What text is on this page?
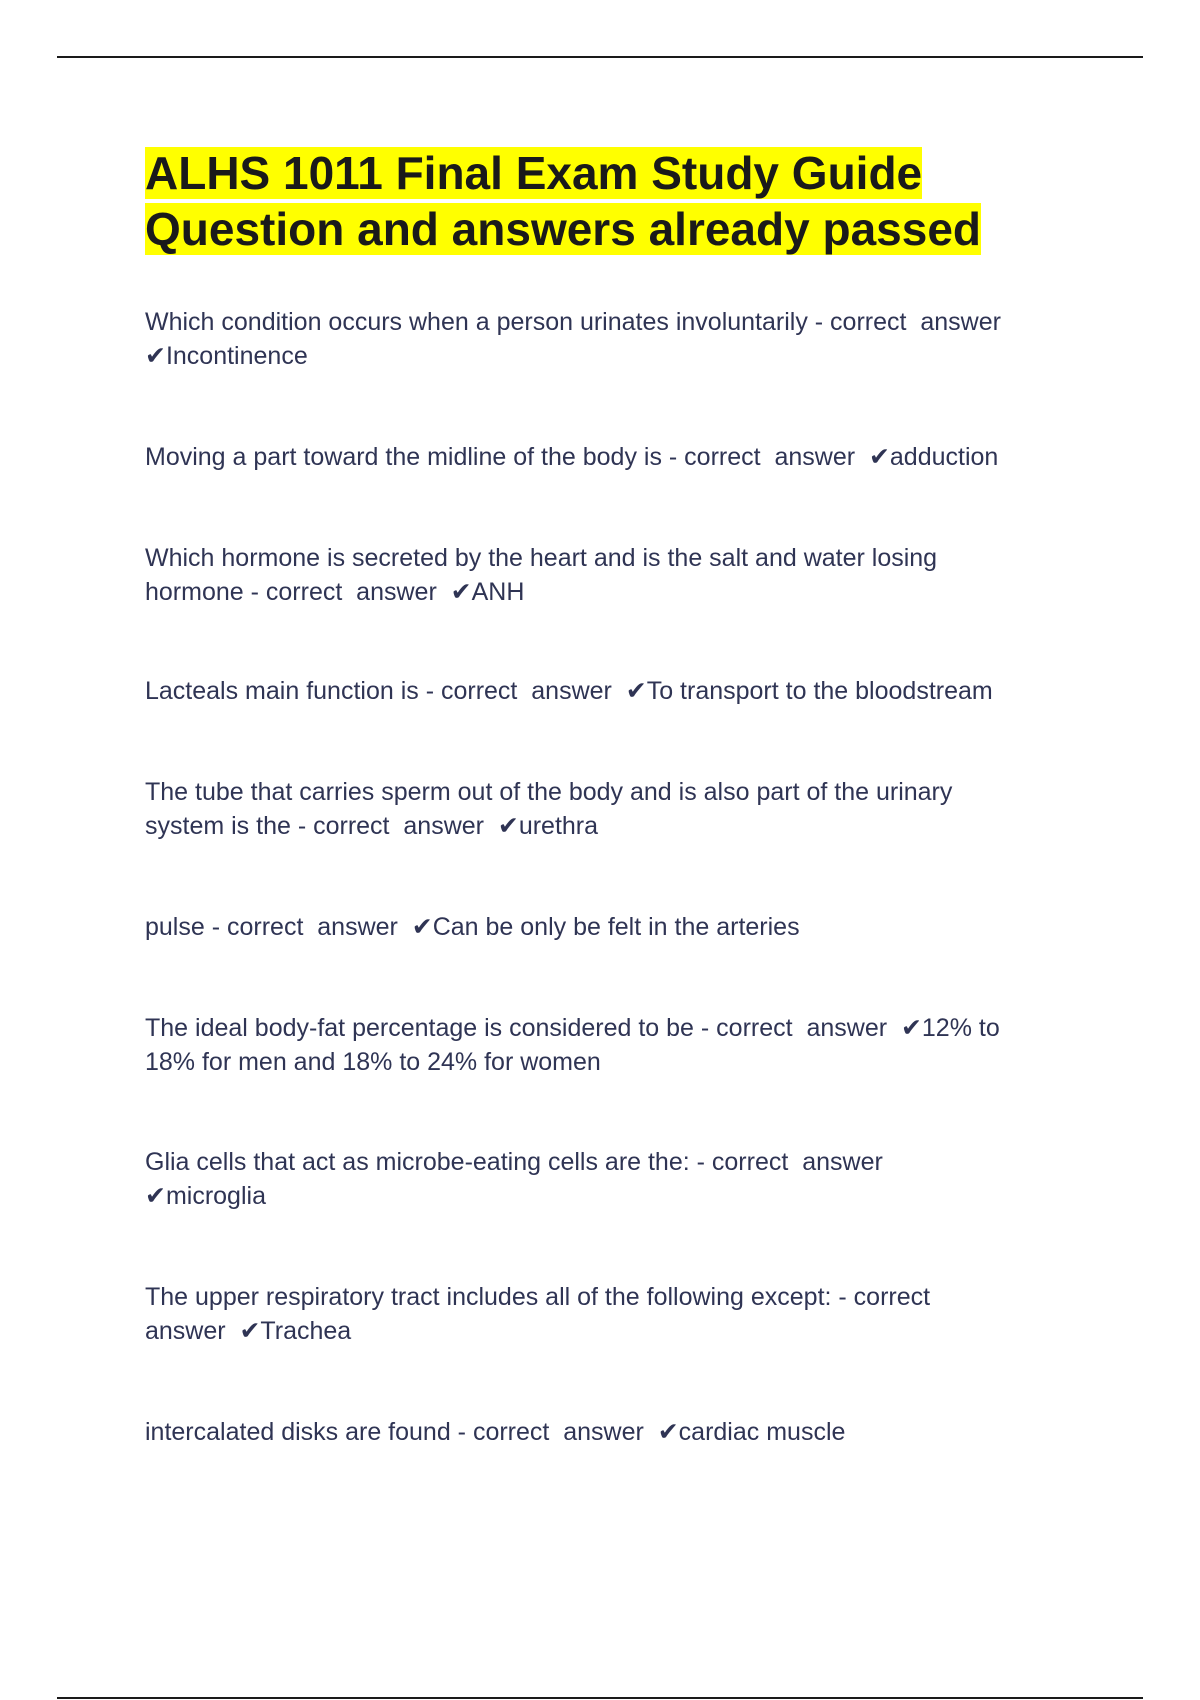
ALHS 1011 Final Exam Study Guide
Question and answers already passed

Which condition occurs when a person urinates involuntarily - correct  answer
✔Incontinence

Moving a part toward the midline of the body is - correct  answer  ✔adduction

Which hormone is secreted by the heart and is the salt and water losing
hormone - correct  answer  ✔ANH

Lacteals main function is - correct  answer  ✔To transport to the bloodstream

The tube that carries sperm out of the body and is also part of the urinary
system is the - correct  answer  ✔urethra

pulse - correct  answer  ✔Can be only be felt in the arteries

The ideal body-fat percentage is considered to be - correct  answer  ✔12% to
18% for men and 18% to 24% for women

Glia cells that act as microbe-eating cells are the: - correct  answer
✔microglia

The upper respiratory tract includes all of the following except: - correct
answer  ✔Trachea

intercalated disks are found - correct  answer  ✔cardiac muscle
